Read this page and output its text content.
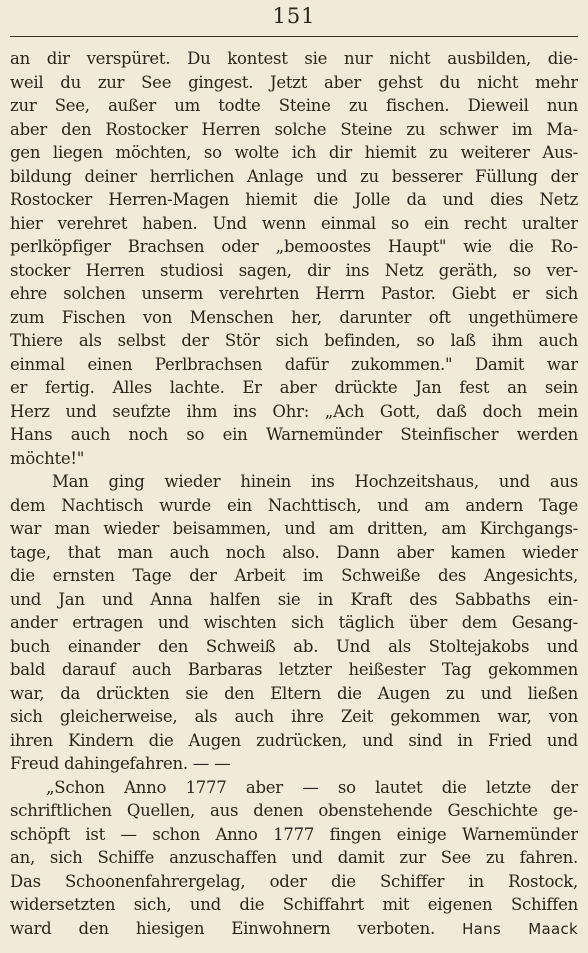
151
an dir verspüret. Du kontest sie nur nicht ausbilden, die-
weil du zur See gingest. Jetzt aber gehst du nicht mehr
zur See, außer um todte Steine zu fischen. Dieweil nun
aber den Rostocker Herren solche Steine zu schwer im Ma-
gen liegen möchten, so wolte ich dir hiemit zu weiterer Aus-
bildung deiner herrlichen Anlage und zu besserer Füllung der
Rostocker Herren-Magen hiemit die Jolle da und dies Netz
hier verehret haben. Und wenn einmal so ein recht uralter
perlköpfiger Brachsen oder „bemoostes Haupt" wie die Ro-
stocker Herren studiosi sagen, dir ins Netz geräth, so ver-
ehre solchen unserm verehrten Herrn Pastor. Giebt er sich
zum Fischen von Menschen her, darunter oft ungethümere
Thiere als selbst der Stör sich befinden, so laß ihm auch
einmal einen Perlbrachsen dafür zukommen." Damit war
er fertig. Alles lachte. Er aber drückte Jan fest an sein
Herz und seufzte ihm ins Ohr: „Ach Gott, daß doch mein
Hans auch noch so ein Warnemünder Steinfischer werden
möchte!"
Man ging wieder hinein ins Hochzeitshaus, und aus
dem Nachtisch wurde ein Nachttisch, und am andern Tage
war man wieder beisammen, und am dritten, am Kirchgangs-
tage, that man auch noch also. Dann aber kamen wieder
die ernsten Tage der Arbeit im Schweiße des Angesichts,
und Jan und Anna halfen sie in Kraft des Sabbaths ein-
ander ertragen und wischten sich täglich über dem Gesang-
buch einander den Schweiß ab. Und als Stoltejakobs und
bald darauf auch Barbaras letzter heißester Tag gekommen
war, da drückten sie den Eltern die Augen zu und ließen
sich gleicherweise, als auch ihre Zeit gekommen war, von
ihren Kindern die Augen zudrücken, und sind in Fried und
Freud dahingefahren. — —
„Schon Anno 1777 aber — so lautet die letzte der
schriftlichen Quellen, aus denen obenstehende Geschichte ge-
schöpft ist — schon Anno 1777 fingen einige Warnemünder
an, sich Schiffe anzuschaffen und damit zur See zu fahren.
Das Schoonenfahrergelag, oder die Schiffer in Rostock,
widersetzten sich, und die Schiffahrt mit eigenen Schiffen
ward den hiesigen Einwohnern verboten. Hans Maack
